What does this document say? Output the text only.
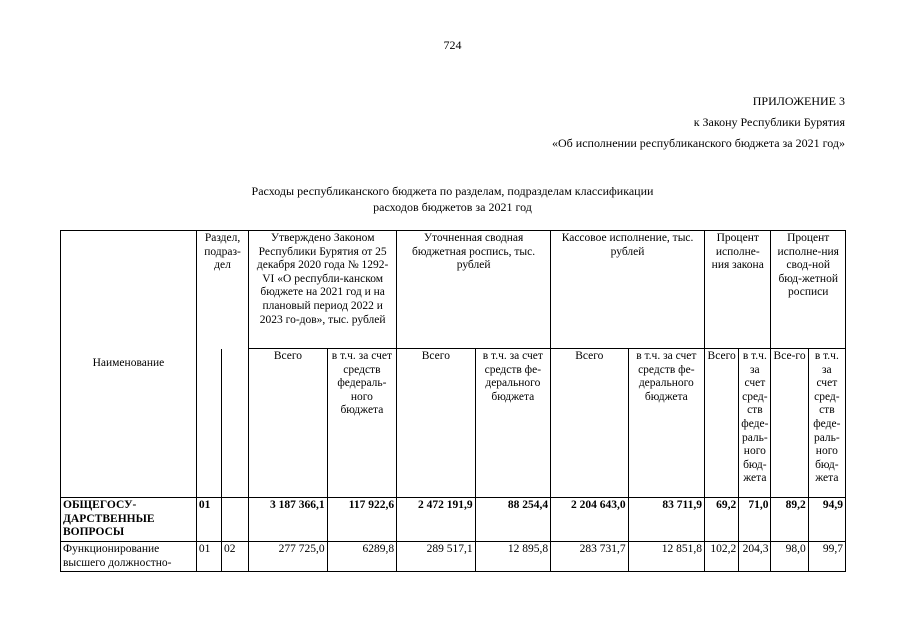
724
ПРИЛОЖЕНИЕ 3
к Закону Республики Бурятия
«Об исполнении республиканского бюджета за 2021 год»
Расходы республиканского бюджета по разделам, подразделам классификации
расходов бюджетов за 2021 год
Наименование	Раздел, подраз-дел		Утверждено Законом Республики Бурятия от 25 декабря 2020 года № 1292-VI «О республи-канском бюджете на 2021 год и на плановый период 2022 и 2023 го-дов», тыс. рублей		Уточненная сводная бюджетная роспись, тыс. рублей		Кассовое исполнение, тыс. рублей		Процент исполне-ния закона		Процент исполне-ния свод-ной бюд-жетной росписи	
			Всего	в т.ч. за счет средств федераль-ного бюджета	Всего	в т.ч. за счет средств фе-дерального бюджета	Всего	в т.ч. за счет средств фе-дерального бюджета	Всего	в т.ч. за счет сред-ств феде-раль-ного бюд-жета	Все-го	в т.ч. за счет сред-ств феде-раль-ного бюд-жета
ОБЩЕГОСУ-ДАРСТВЕННЫЕ ВОПРОСЫ	01		3 187 366,1	117 922,6	2 472 191,9	88 254,4	2 204 643,0	83 711,9	69,2	71,0	89,2	94,9
Функционирование высшего должностно-	01	02	277 725,0	6289,8	289 517,1	12 895,8	283 731,7	12 851,8	102,2	204,3	98,0	99,7
